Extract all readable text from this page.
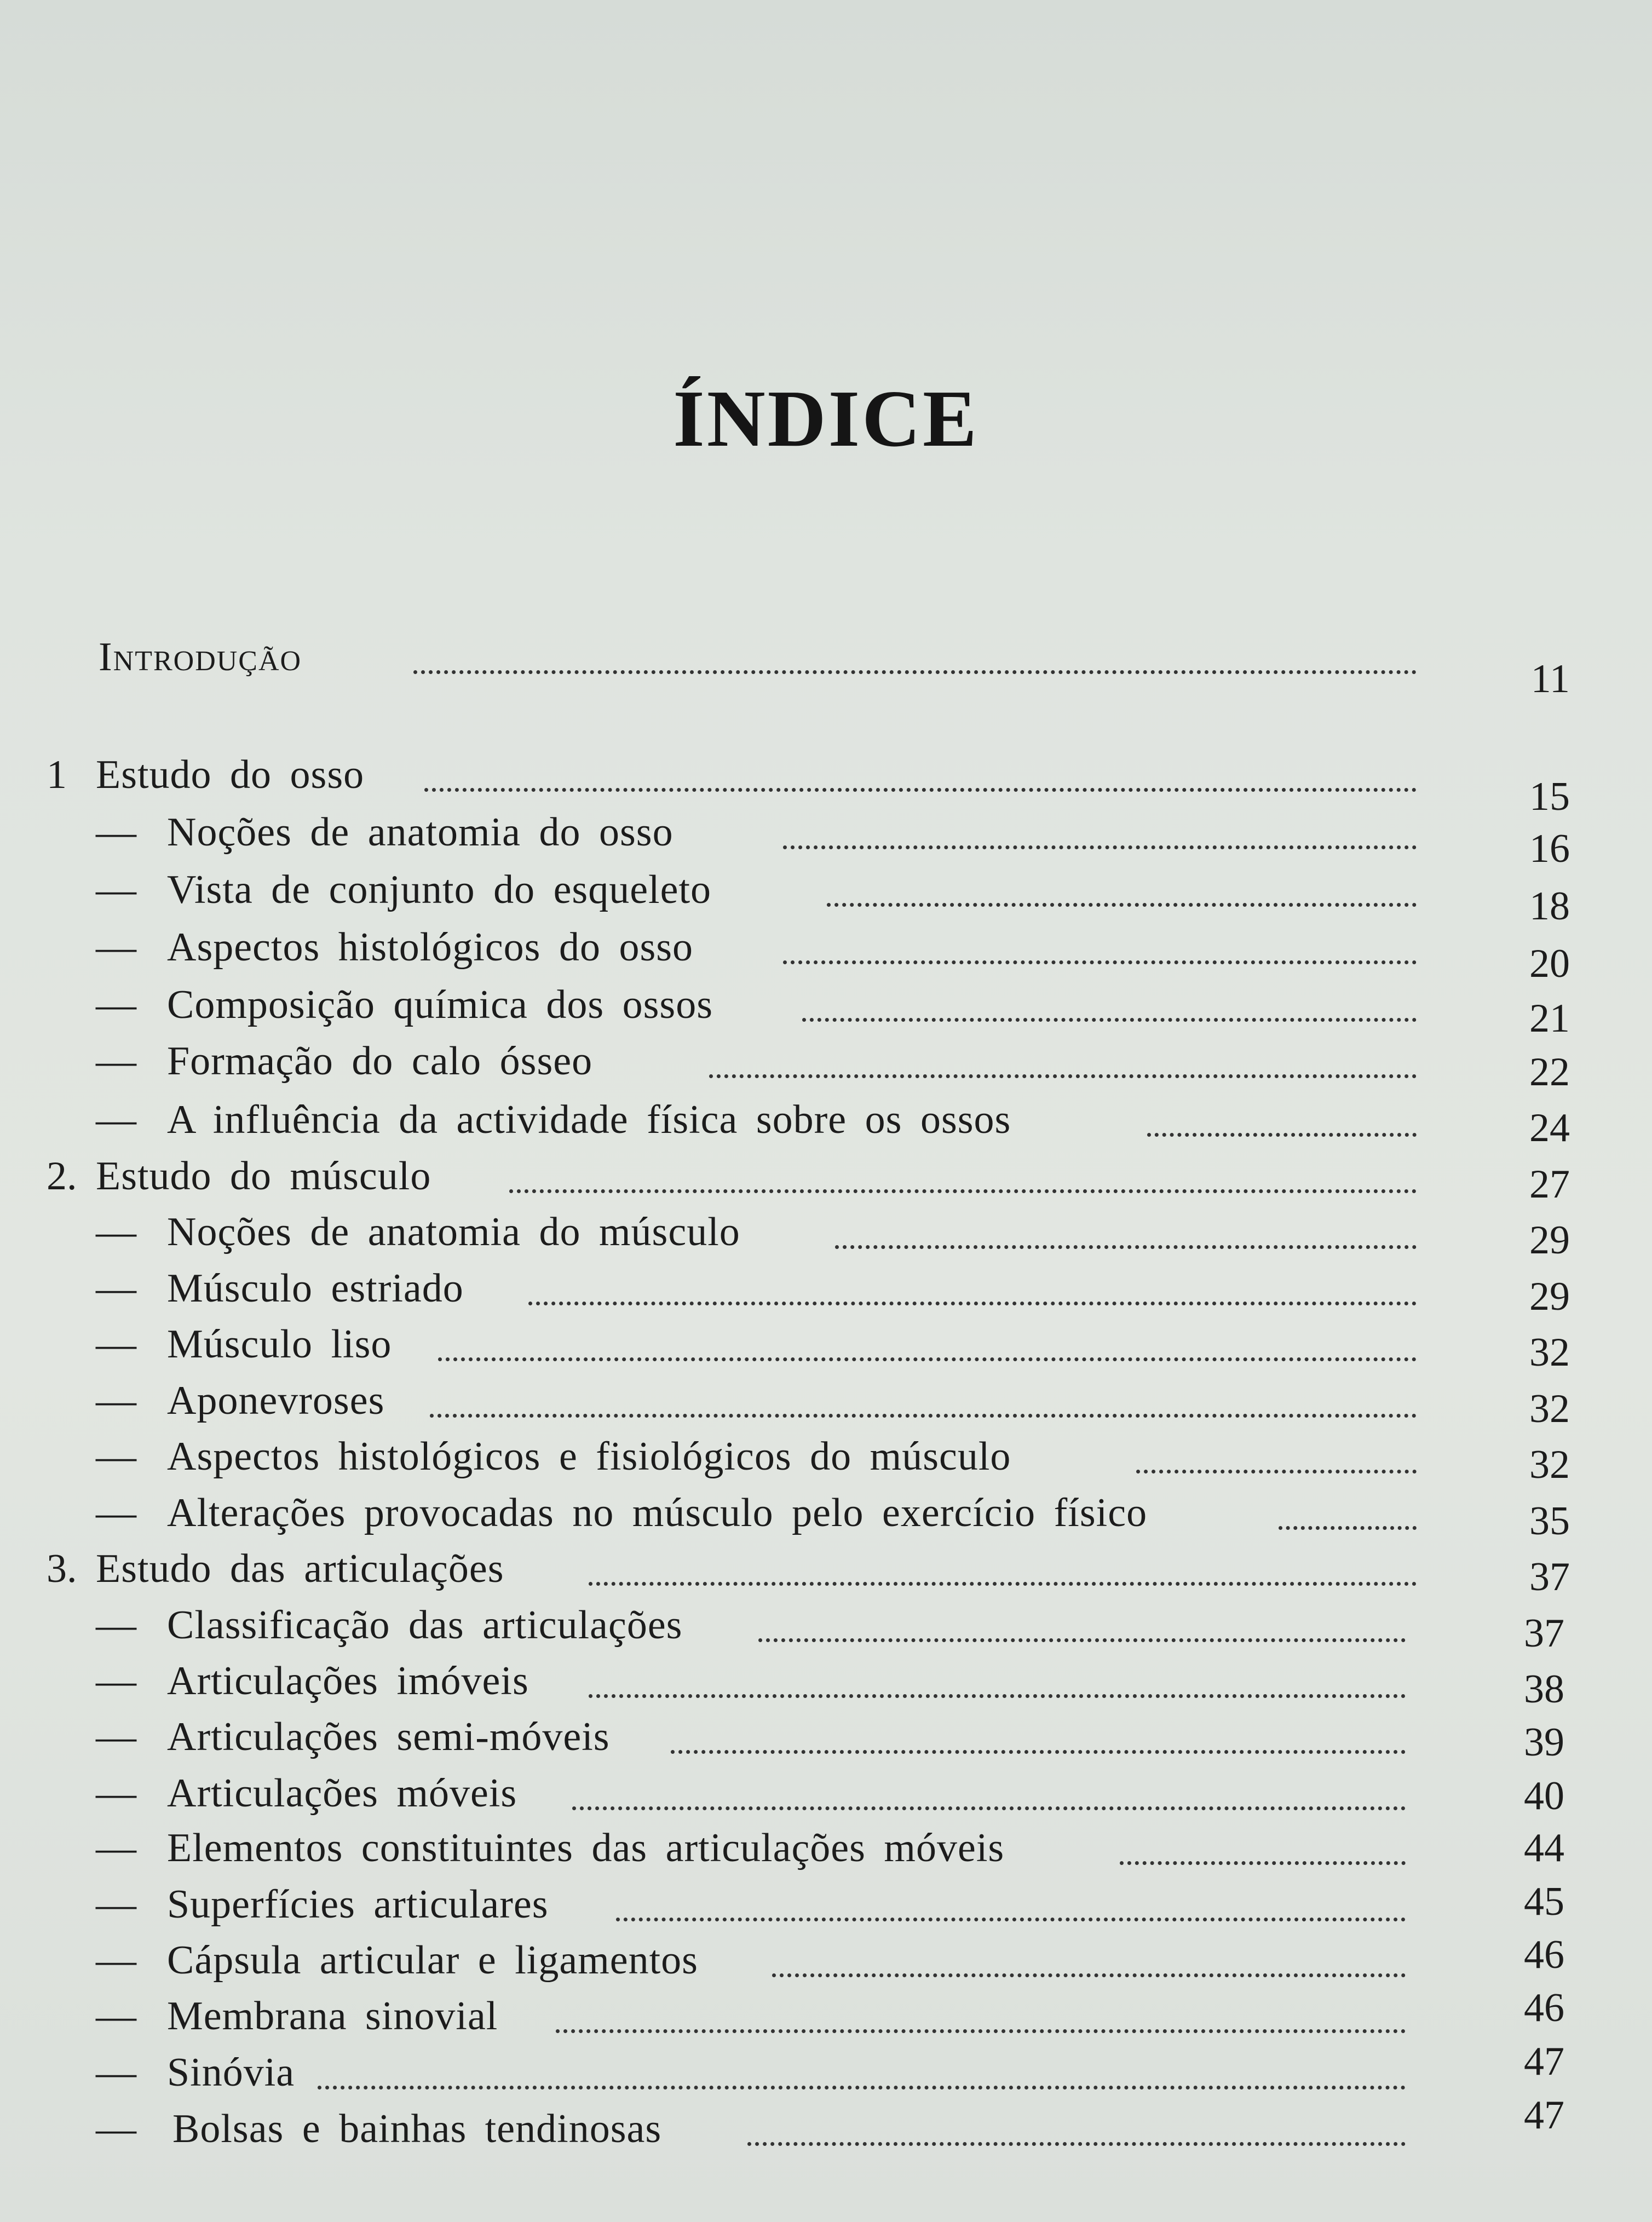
ÍNDICE
Introdução	11
1 Estudo do osso	15
— Noções de anatomia do osso	16
— Vista de conjunto do esqueleto	18
— Aspectos histológicos do osso	20
— Composição química dos ossos	21
— Formação do calo ósseo	22
— A influência da actividade física sobre os ossos	24
2. Estudo do músculo	27
— Noções de anatomia do músculo	29
— Músculo estriado	29
— Músculo liso	32
— Aponevroses	32
— Aspectos histológicos e fisiológicos do músculo	32
— Alterações provocadas no músculo pelo exercício físico	35
3. Estudo das articulações	37
— Classificação das articulações	37
— Articulações imóveis	38
— Articulações semi-móveis	39
— Articulações móveis	40
— Elementos constituintes das articulações móveis	44
— Superfícies articulares	45
— Cápsula articular e ligamentos	46
— Membrana sinovial	46
— Sinóvia	47
— Bolsas e bainhas tendinosas	47
